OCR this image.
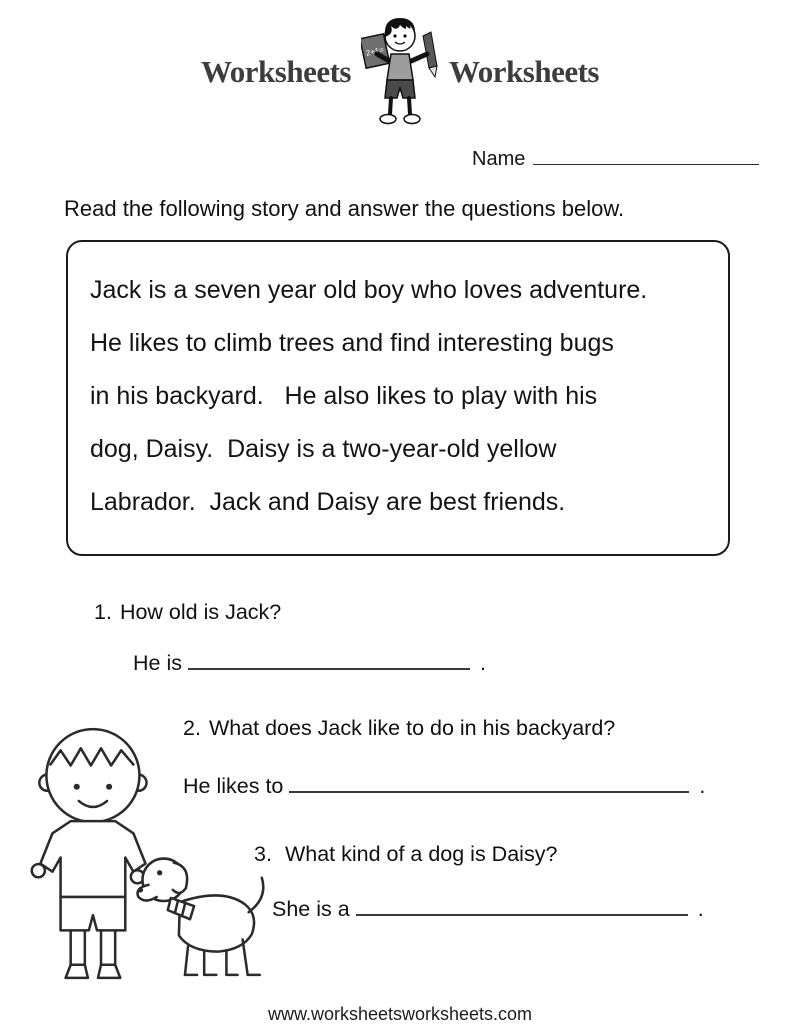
Worksheets
2+1=
Worksheets
Name
Read the following story and answer the questions below.
Jack is a seven year old boy who loves adventure.
He likes to climb trees and find interesting bugs
in his backyard.   He also likes to play with his
dog, Daisy.  Daisy is a two-year-old yellow
Labrador.  Jack and Daisy are best friends.
1. How old is Jack?
He is	.
2. What does Jack like to do in his backyard?
He likes to	.
3. What kind of a dog is Daisy?
She is a	.
www.worksheetsworksheets.com
